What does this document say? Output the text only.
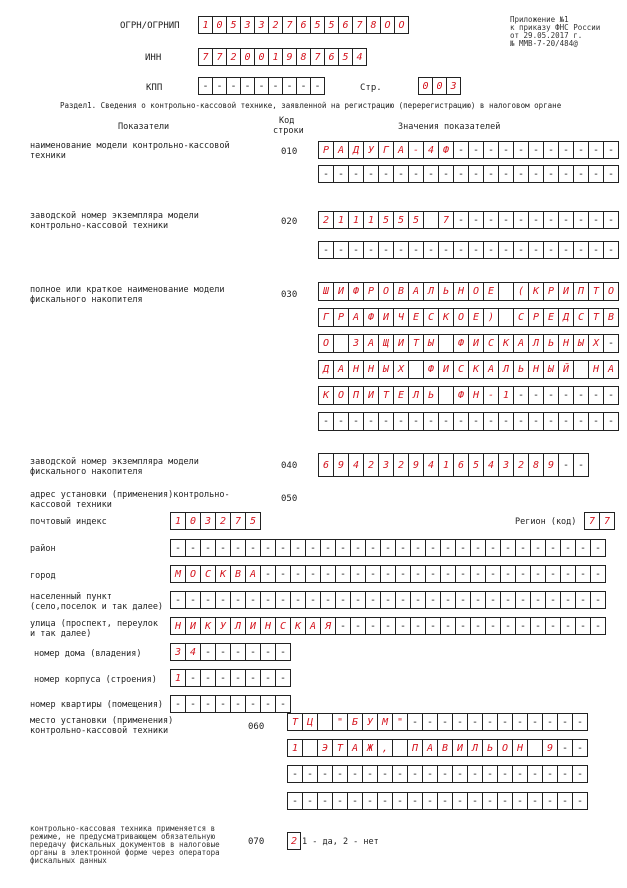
ОГРН/ОГРНИП	1 0 5 3 3 2 7 6 5 5 6 7 8 O O
ИНН	7 7 2 0 0 1 9 8 7 6 5 4
КПП	- - - - - - - - -	Стр.	0 0 3
Приложение №1
к приказу ФНС России
от 29.05.2017 г.
№ ММВ-7-20/484@
Раздел1. Сведения о контрольно-кассовой технике, заявленной на регистрацию (перерегистрацию) в налоговом органе
Показатели
Код
строки	Значения показателей
наименование модели контрольно-кассовой техники	010	Р А Д У Г А - 4 Ф - - - - - - - - - - -
- - - - - - - - - - - - - - - - - - - -
заводской номер экземпляра модели контрольно-кассовой техники	020	2 1 1 1 5 5 5	7 - - - - - - - - - - -
- - - - - - - - - - - - - - - - - - - -
полное или краткое наименование модели фискального накопителя	030	Ш И Ф Р О В А Л Ь Н О Е	( К Р И П Т О
Г Р А Ф И Ч Е С К О Е )	С Р Е Д С Т В
О	З А Щ И Т Ы	Ф И С К А Л Ь Н Ы Х -
Д А Н Н Ы Х	Ф И С К А Л Ь Н Ы Й	Н А
К О П И Т Е Л Ь	Ф Н - 1 - - - - - - -
- - - - - - - - - - - - - - - - - - - -
заводской номер экземпляра модели фискального накопителя
040	6 9 4 2 3 2 9 4 1 6 5 4 3 2 8 9 - -
адрес установки (применения)контрольно-кассовой техники
050
почтовый индекс	1 0 3 2 7 5	Регион (код)	7 7
район	- - - - - - - - - - - - - - - - - - - - - - - - - - - - -
город	М О С К В А - - - - - - - - - - - - - - - - - - - - - - -
населенный пункт
(село,поселок и так далее)
- - - - - - - - - - - - - - - - - - - - - - - - - - - - -
улица (проспект, переулок
и так далее)
Н И К У Л И Н С К А Я - - - - - - - - - - - - - - - - - -
номер дома (владения)	3 4 - - - - - -
номер корпуса (строения)	1 - - - - - - -
номер квартиры (помещения)	- - - - - - - -
место установки (применения)
контрольно-кассовой техники	060	Т Ц	" Б У М " - - - - - - - - - - - -
1	Э Т А Ж ,	П А В И Л Ь О Н	9 - -
- - - - - - - - - - - - - - - - - - - -
- - - - - - - - - - - - - - - - - - - -
контрольно-кассовая техника применяется в
режиме, не предусматривающем обязательную
передачу фискальных документов в налоговые
органы в электронной форме через оператора
фискальных данных
070	2 1 - да, 2 - нет
